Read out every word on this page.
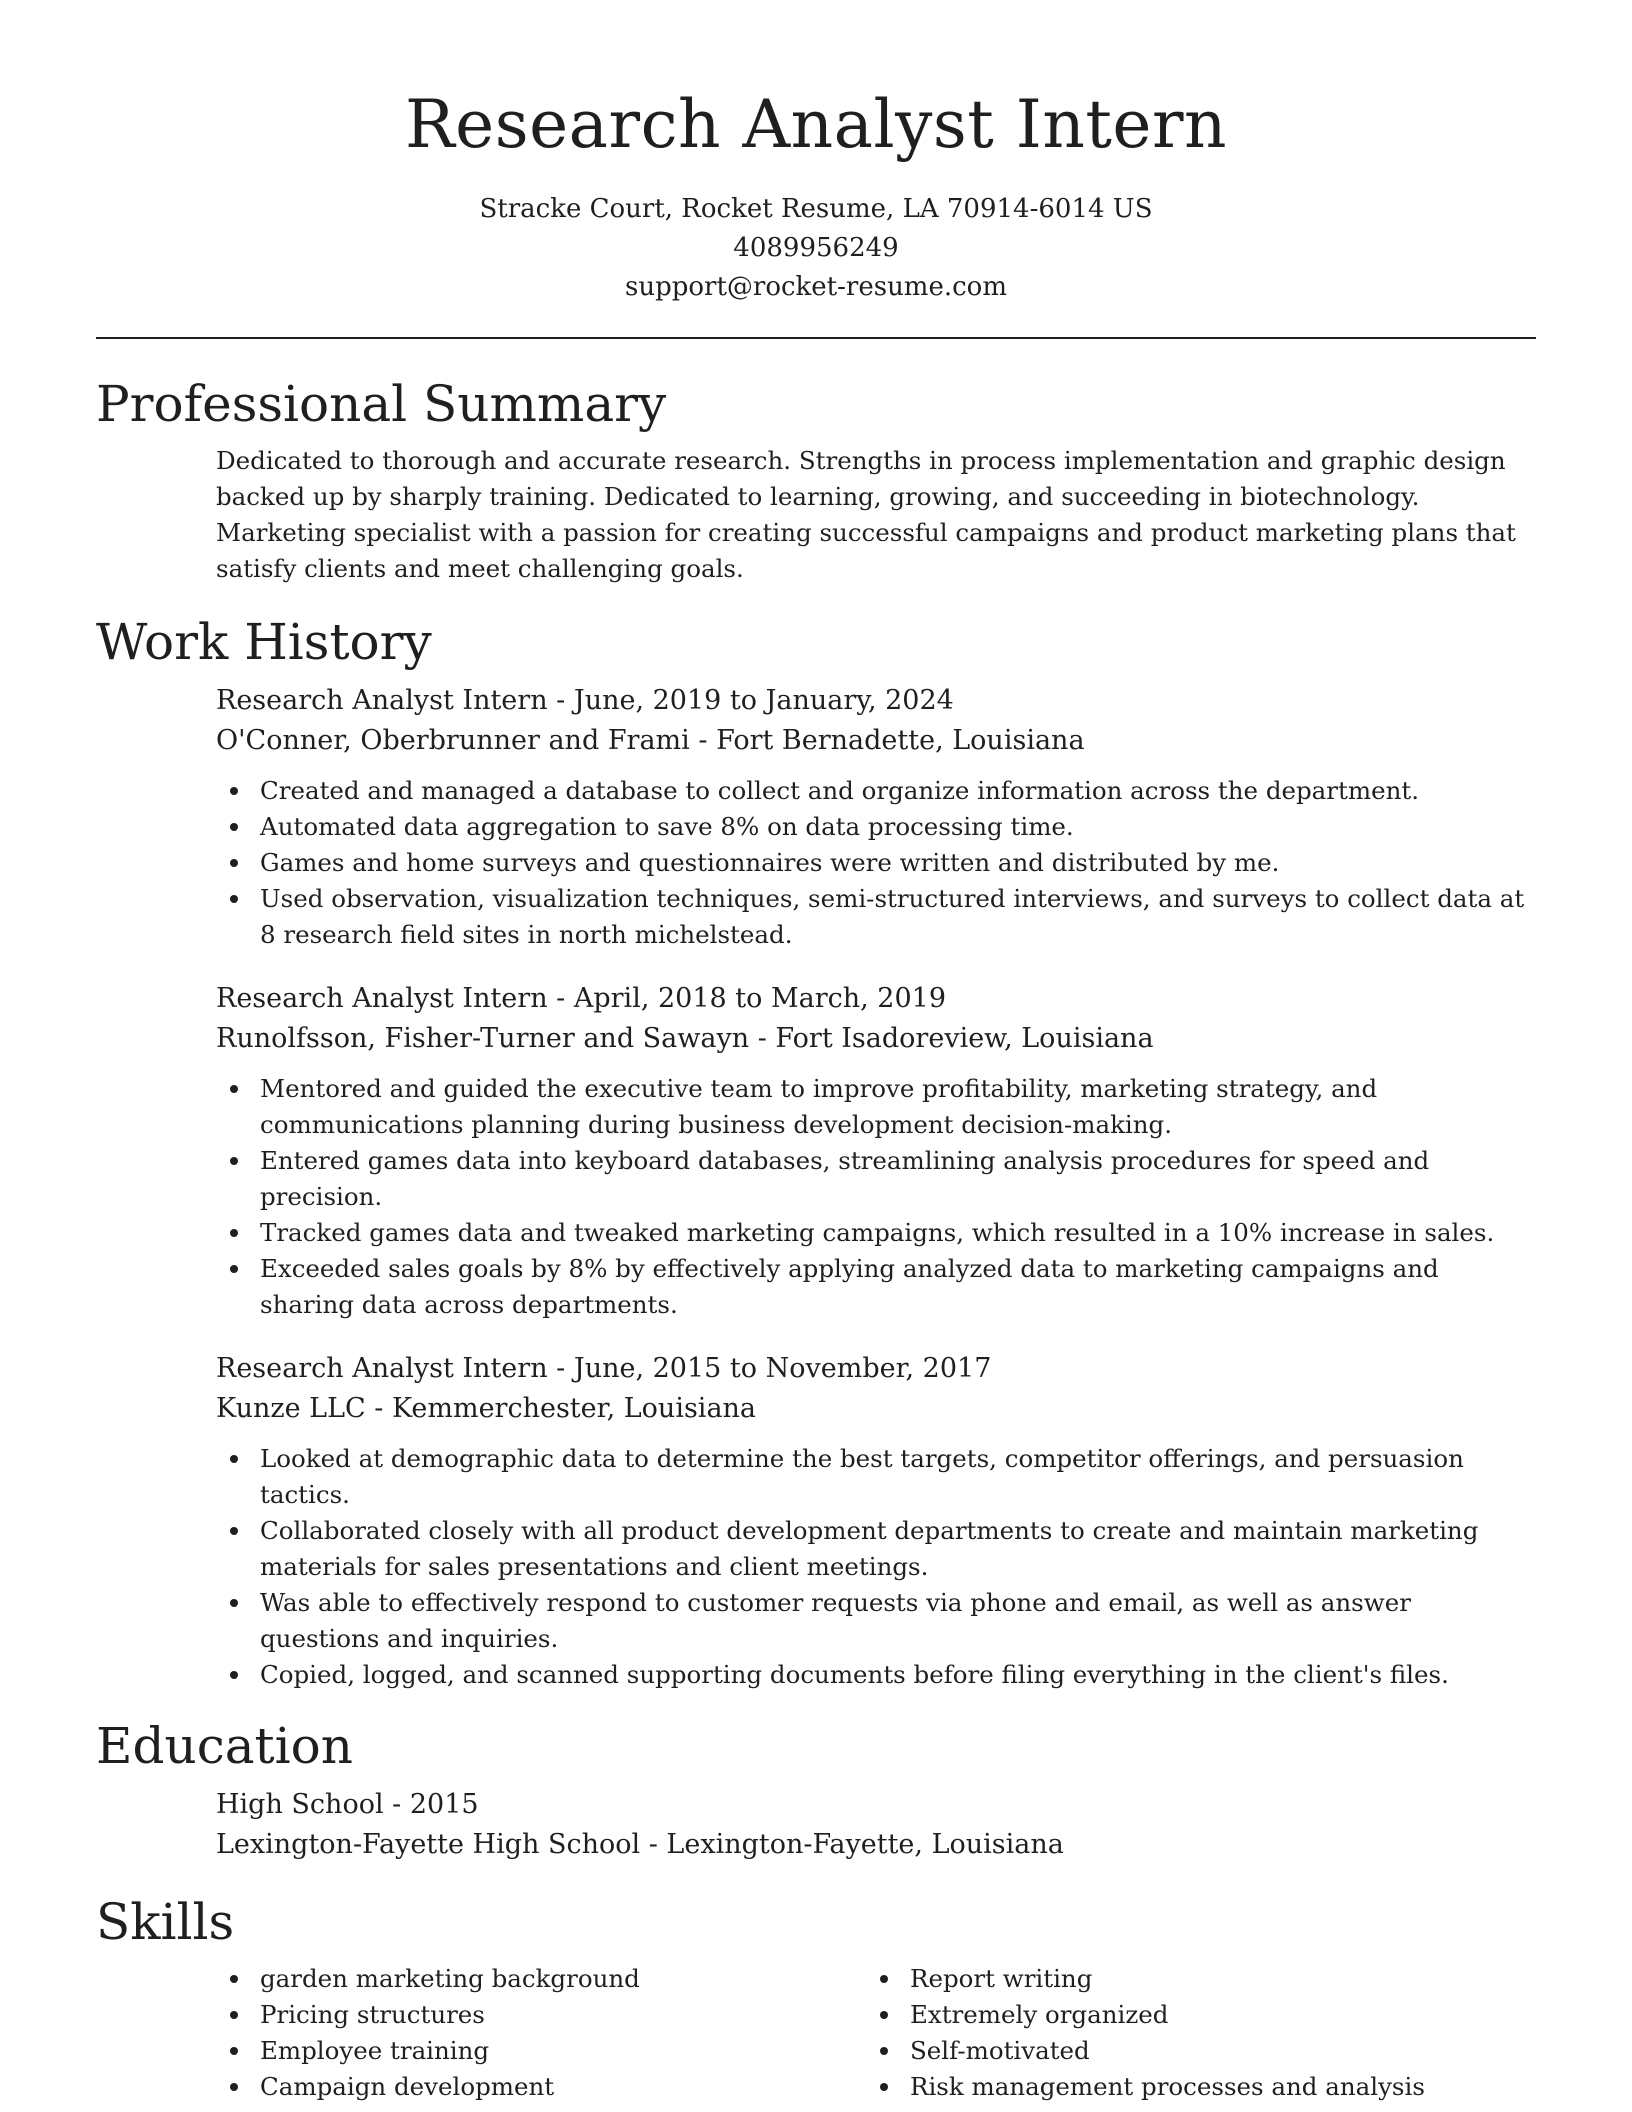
Research Analyst Intern
Stracke Court, Rocket Resume, LA 70914-6014 US
4089956249
support@rocket-resume.com
Professional Summary
Dedicated to thorough and accurate research. Strengths in process implementation and graphic design backed up by sharply training. Dedicated to learning, growing, and succeeding in biotechnology. Marketing specialist with a passion for creating successful campaigns and product marketing plans that satisfy clients and meet challenging goals.
Work History
Research Analyst Intern - June, 2019 to January, 2024
O'Conner, Oberbrunner and Frami - Fort Bernadette, Louisiana
Created and managed a database to collect and organize information across the department.
Automated data aggregation to save 8% on data processing time.
Games and home surveys and questionnaires were written and distributed by me.
Used observation, visualization techniques, semi-structured interviews, and surveys to collect data at 8 research field sites in north michelstead.
Research Analyst Intern - April, 2018 to March, 2019
Runolfsson, Fisher-Turner and Sawayn - Fort Isadoreview, Louisiana
Mentored and guided the executive team to improve profitability, marketing strategy, and communications planning during business development decision-making.
Entered games data into keyboard databases, streamlining analysis procedures for speed and precision.
Tracked games data and tweaked marketing campaigns, which resulted in a 10% increase in sales.
Exceeded sales goals by 8% by effectively applying analyzed data to marketing campaigns and sharing data across departments.
Research Analyst Intern - June, 2015 to November, 2017
Kunze LLC - Kemmerchester, Louisiana
Looked at demographic data to determine the best targets, competitor offerings, and persuasion tactics.
Collaborated closely with all product development departments to create and maintain marketing materials for sales presentations and client meetings.
Was able to effectively respond to customer requests via phone and email, as well as answer questions and inquiries.
Copied, logged, and scanned supporting documents before filing everything in the client's files.
Education
High School - 2015
Lexington-Fayette High School - Lexington-Fayette, Louisiana
Skills
garden marketing background
Pricing structures
Employee training
Campaign development
Report writing
Extremely organized
Self-motivated
Risk management processes and analysis
